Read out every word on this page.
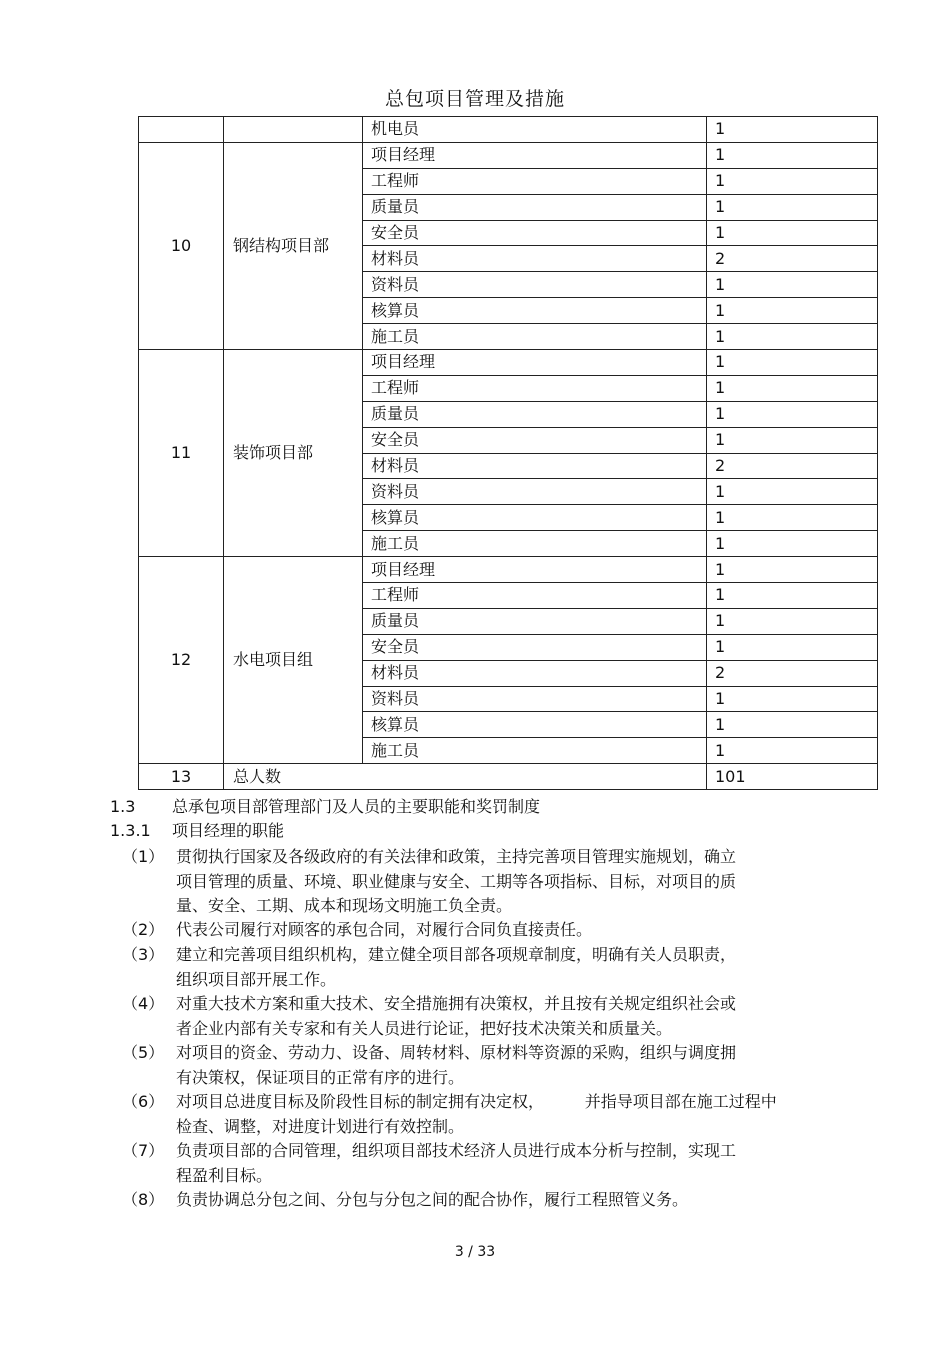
总包项目管理及措施
		机电员	1
10	钢结构项目部	项目经理	1
		工程师	1
		质量员	1
		安全员	1
		材料员	2
		资料员	1
		核算员	1
		施工员	1
11	装饰项目部	项目经理	1
		工程师	1
		质量员	1
		安全员	1
		材料员	2
		资料员	1
		核算员	1
		施工员	1
12	水电项目组	项目经理	1
		工程师	1
		质量员	1
		安全员	1
		材料员	2
		资料员	1
		核算员	1
		施工员	1
13	总人数		101
1.3 总承包项目部管理部门及人员的主要职能和奖罚制度
1.3.1 项目经理的职能
（1） 贯彻执行国家及各级政府的有关法律和政策，主持完善项目管理实施规划，确立
项目管理的质量、环境、职业健康与安全、工期等各项指标、目标，对项目的质
量、安全、工期、成本和现场文明施工负全责。
（2） 代表公司履行对顾客的承包合同，对履行合同负直接责任。
（3） 建立和完善项目组织机构，建立健全项目部各项规章制度，明确有关人员职责，
组织项目部开展工作。
（4） 对重大技术方案和重大技术、安全措施拥有决策权，并且按有关规定组织社会或
者企业内部有关专家和有关人员进行论证，把好技术决策关和质量关。
（5） 对项目的资金、劳动力、设备、周转材料、原材料等资源的采购，组织与调度拥
有决策权，保证项目的正常有序的进行。
（6） 对项目总进度目标及阶段性目标的制定拥有决定权，        并指导项目部在施工过程中
检查、调整，对进度计划进行有效控制。
（7） 负责项目部的合同管理，组织项目部技术经济人员进行成本分析与控制，实现工
程盈利目标。
（8） 负责协调总分包之间、分包与分包之间的配合协作，履行工程照管义务。
3 / 33
